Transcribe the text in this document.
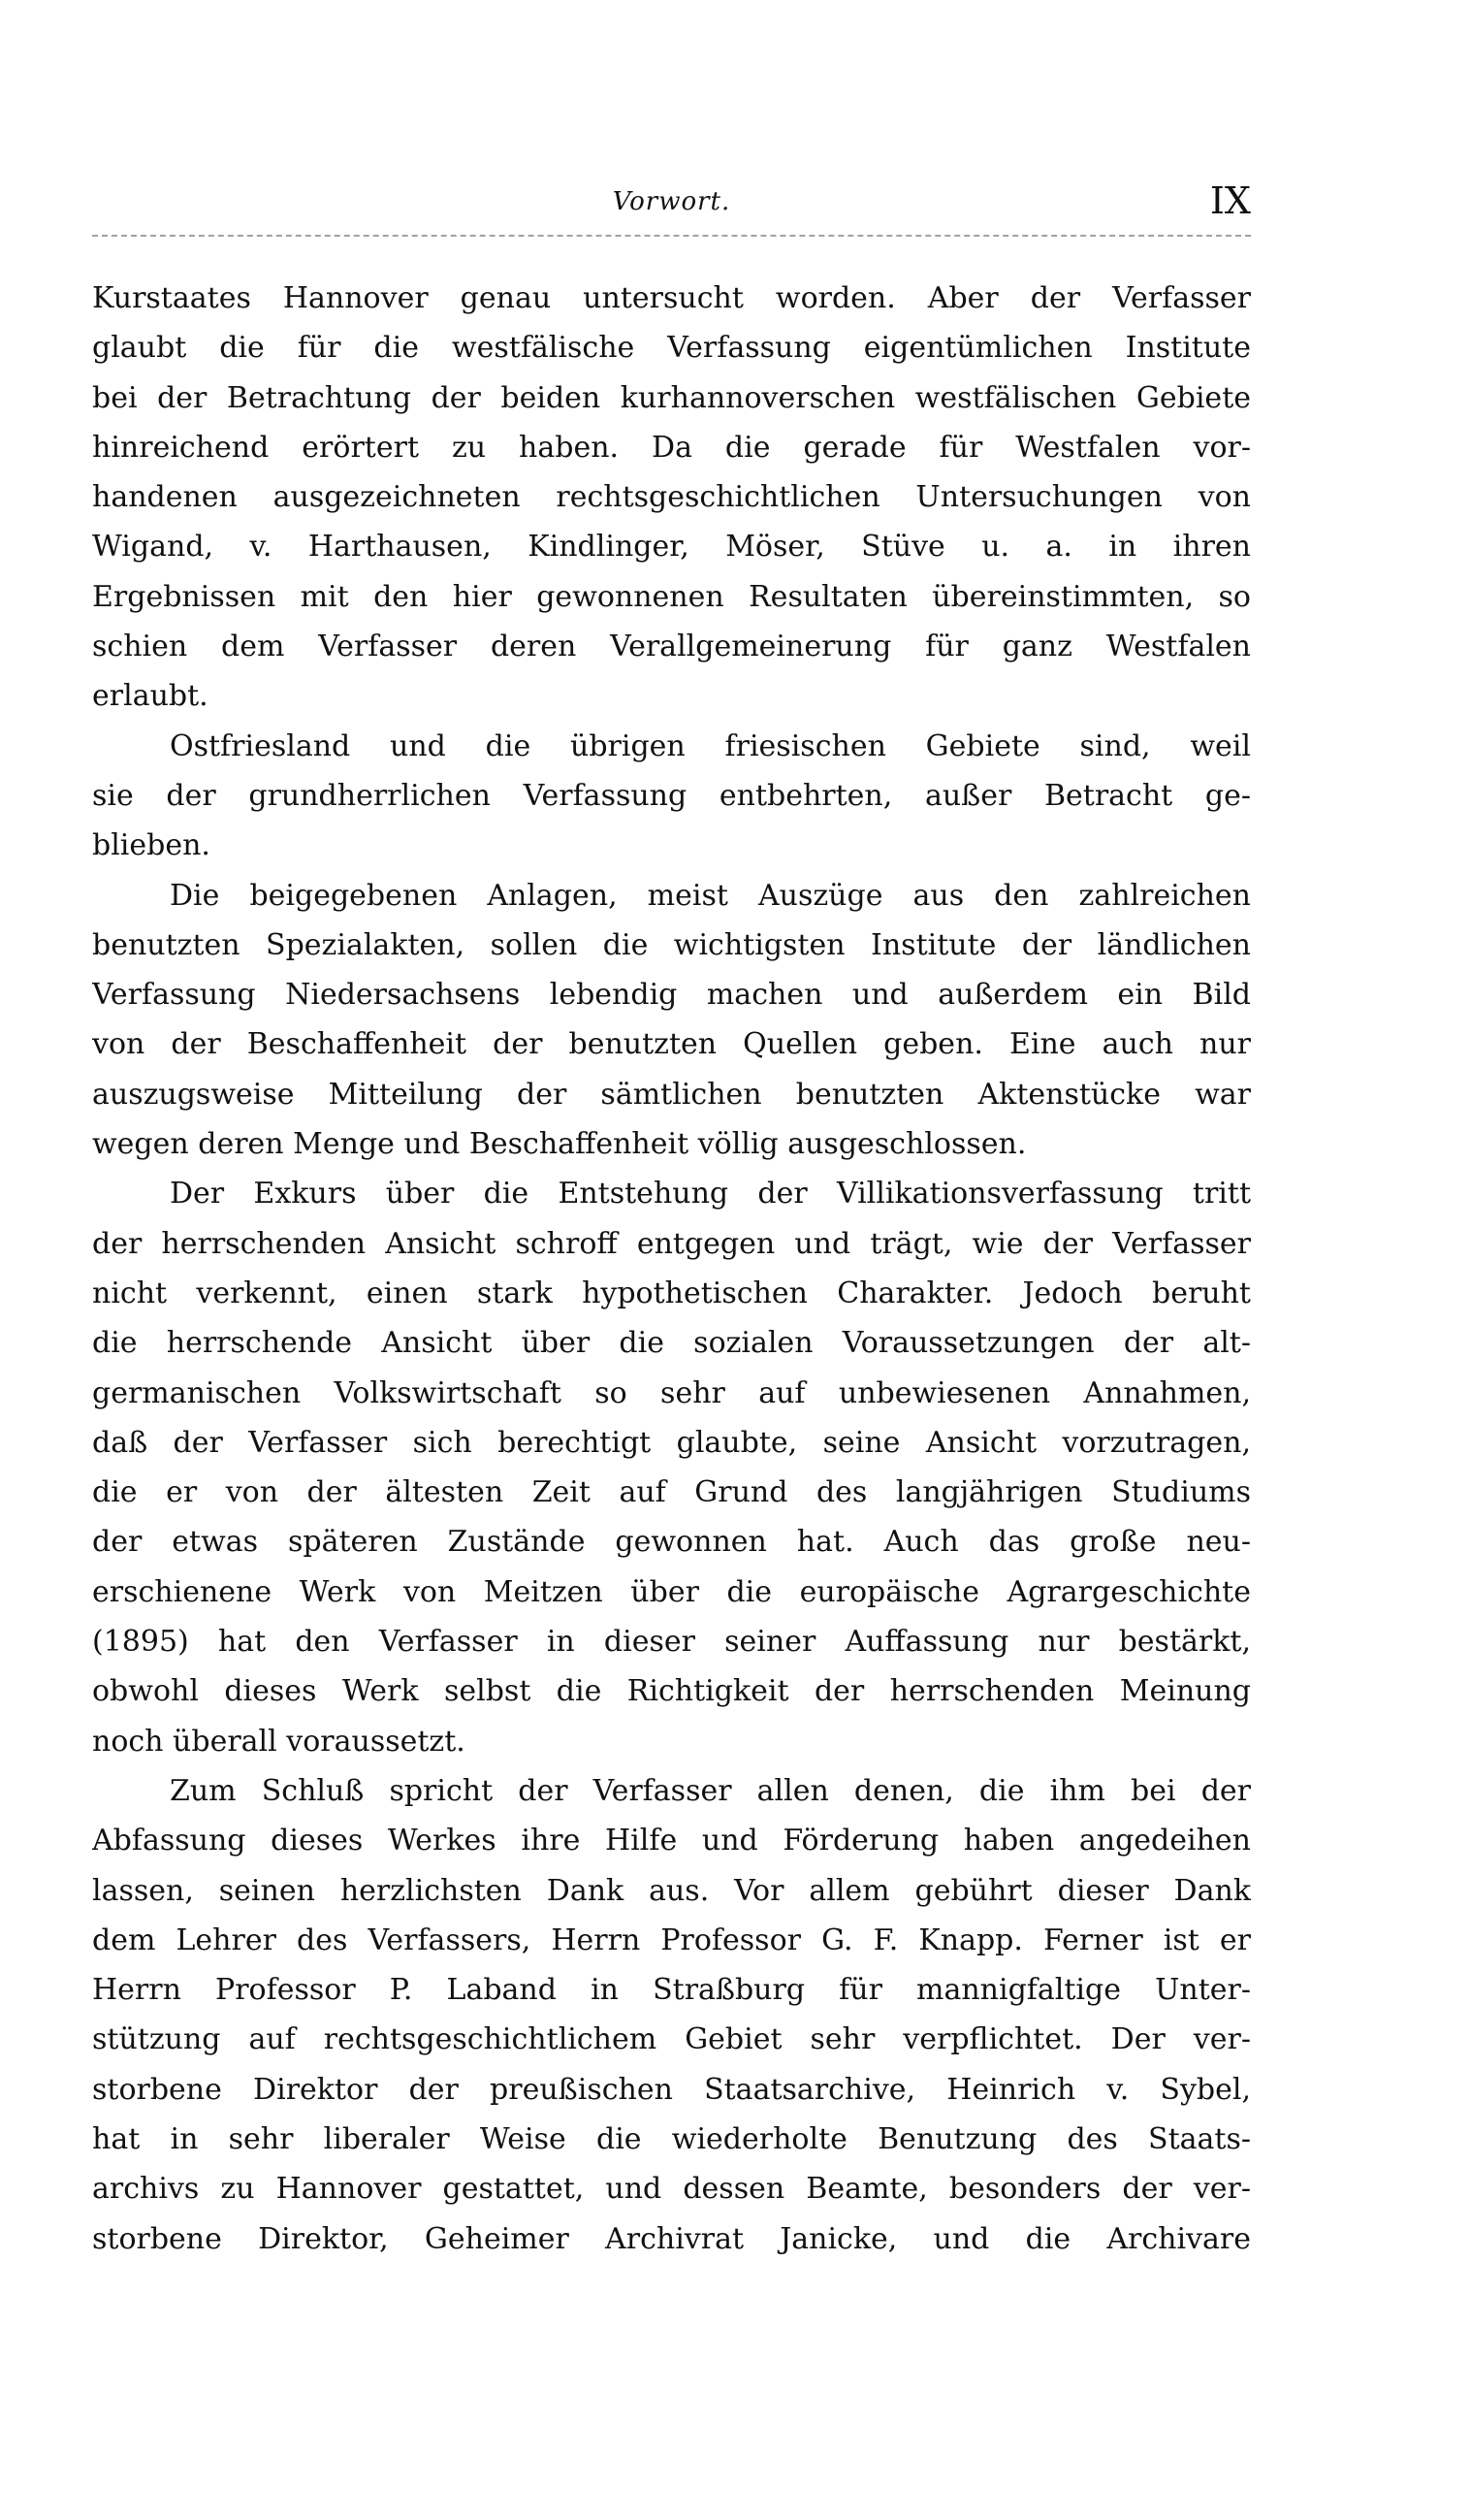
Vorwort.	IX
Kurstaates Hannover genau untersucht worden. Aber der Verfasser
glaubt die für die westfälische Verfassung eigentümlichen Institute
bei der Betrachtung der beiden kurhannoverschen westfälischen Gebiete
hinreichend erörtert zu haben. Da die gerade für Westfalen vor-
handenen ausgezeichneten rechtsgeschichtlichen Untersuchungen von
Wigand, v. Harthausen, Kindlinger, Möser, Stüve u. a. in ihren
Ergebnissen mit den hier gewonnenen Resultaten übereinstimmten, so
schien dem Verfasser deren Verallgemeinerung für ganz Westfalen
erlaubt.
Ostfriesland und die übrigen friesischen Gebiete sind, weil
sie der grundherrlichen Verfassung entbehrten, außer Betracht ge-
blieben.
Die beigegebenen Anlagen, meist Auszüge aus den zahlreichen
benutzten Spezialakten, sollen die wichtigsten Institute der ländlichen
Verfassung Niedersachsens lebendig machen und außerdem ein Bild
von der Beschaffenheit der benutzten Quellen geben. Eine auch nur
auszugsweise Mitteilung der sämtlichen benutzten Aktenstücke war
wegen deren Menge und Beschaffenheit völlig ausgeschlossen.
Der Exkurs über die Entstehung der Villikationsverfassung tritt
der herrschenden Ansicht schroff entgegen und trägt, wie der Verfasser
nicht verkennt, einen stark hypothetischen Charakter. Jedoch beruht
die herrschende Ansicht über die sozialen Voraussetzungen der alt-
germanischen Volkswirtschaft so sehr auf unbewiesenen Annahmen,
daß der Verfasser sich berechtigt glaubte, seine Ansicht vorzutragen,
die er von der ältesten Zeit auf Grund des langjährigen Studiums
der etwas späteren Zustände gewonnen hat. Auch das große neu-
erschienene Werk von Meitzen über die europäische Agrargeschichte
(1895) hat den Verfasser in dieser seiner Auffassung nur bestärkt,
obwohl dieses Werk selbst die Richtigkeit der herrschenden Meinung
noch überall voraussetzt.
Zum Schluß spricht der Verfasser allen denen, die ihm bei der
Abfassung dieses Werkes ihre Hilfe und Förderung haben angedeihen
lassen, seinen herzlichsten Dank aus. Vor allem gebührt dieser Dank
dem Lehrer des Verfassers, Herrn Professor G. F. Knapp. Ferner ist er
Herrn Professor P. Laband in Straßburg für mannigfaltige Unter-
stützung auf rechtsgeschichtlichem Gebiet sehr verpflichtet. Der ver-
storbene Direktor der preußischen Staatsarchive, Heinrich v. Sybel,
hat in sehr liberaler Weise die wiederholte Benutzung des Staats-
archivs zu Hannover gestattet, und dessen Beamte, besonders der ver-
storbene Direktor, Geheimer Archivrat Janicke, und die Archivare
